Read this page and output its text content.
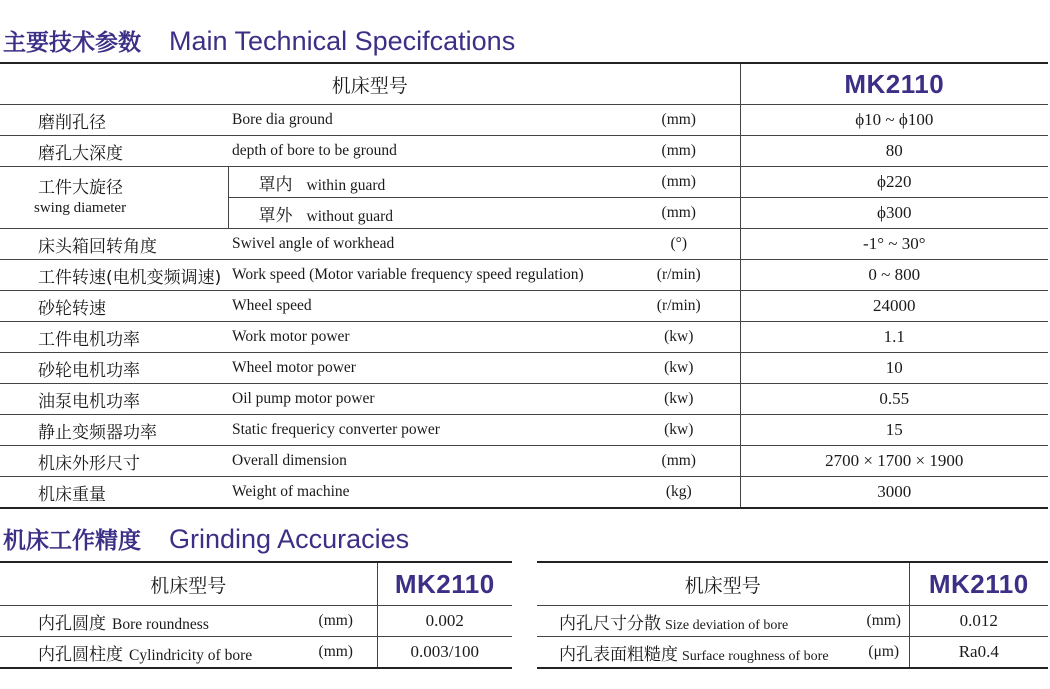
主要技术参数 Main Technical Specifcations
机床型号			MK2110
磨削孔径	Bore dia ground	(mm)	ϕ10 ~ ϕ100
磨孔大深度	depth of bore to be ground	(mm)	80

工件大旋径
swing diameter	罩内 within guard	(mm)	ϕ220
	罩外 without guard	(mm)	ϕ300
床头箱回转角度	Swivel angle of workhead	(°)	-1° ~ 30°
工件转速(电机变频调速)	Work speed (Motor variable frequency speed regulation)	(r/min)	0 ~ 800
砂轮转速	Wheel speed	(r/min)	24000
工件电机功率	Work motor power	(kw)	1.1
砂轮电机功率	Wheel motor power	(kw)	10
油泵电机功率	Oil pump motor power	(kw)	0.55
静止变频器功率	Static frequericy converter power	(kw)	15
机床外形尺寸	Overall dimension	(mm)	2700 × 1700 × 1900
机床重量	Weight of machine	(kg)	3000
机床工作精度 Grinding Accuracies
机床型号		MK2110
内孔圆度 Bore roundness	(mm)	0.002
内孔圆柱度 Cylindricity of bore	(mm)	0.003/100
机床型号		MK2110
内孔尺寸分散 Size deviation of bore	(mm)	0.012
内孔表面粗糙度 Surface roughness of bore	(μm)	Ra0.4
